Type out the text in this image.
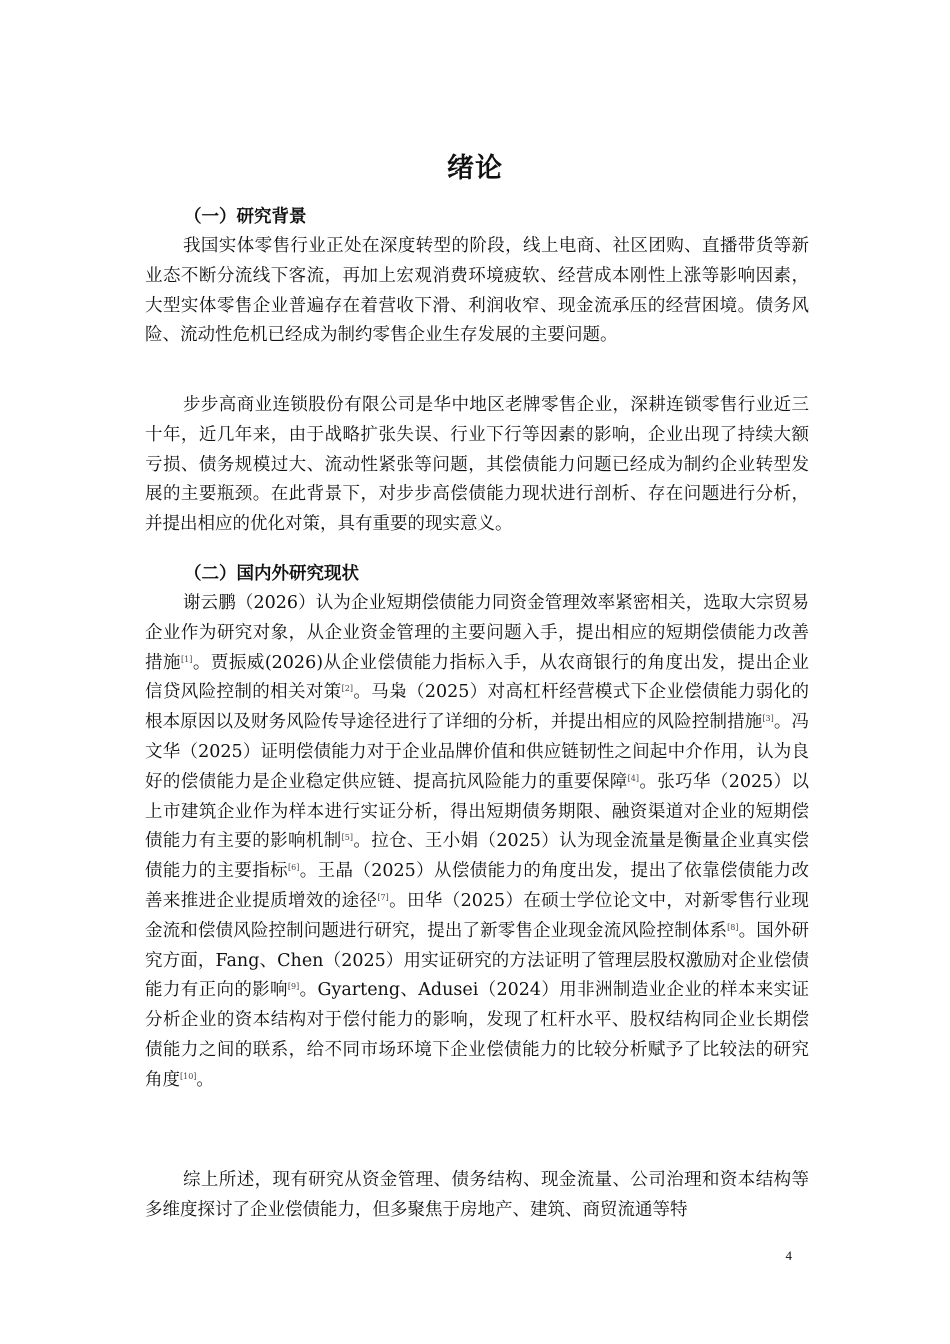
绪论
（一）研究背景

我国实体零售行业正处在深度转型的阶段，线上电商、社区团购、直播带货等新业态不断分流线下客流，再加上宏观消费环境疲软、经营成本刚性上涨等影响因素，大型实体零售企业普遍存在着营收下滑、利润收窄、现金流承压的经营困境。债务风险、流动性危机已经成为制约零售企业生存发展的主要问题。

步步高商业连锁股份有限公司是华中地区老牌零售企业，深耕连锁零售行业近三十年，近几年来，由于战略扩张失误、行业下行等因素的影响，企业出现了持续大额亏损、债务规模过大、流动性紧张等问题，其偿债能力问题已经成为制约企业转型发展的主要瓶颈。在此背景下，对步步高偿债能力现状进行剖析、存在问题进行分析，并提出相应的优化对策，具有重要的现实意义。

（二）国内外研究现状

谢云鹏（2026）认为企业短期偿债能力同资金管理效率紧密相关，选取大宗贸易企业作为研究对象，从企业资金管理的主要问题入手，提出相应的短期偿债能力改善措施[1]。贾振威(2026)从企业偿债能力指标入手，从农商银行的角度出发，提出企业信贷风险控制的相关对策[2]。马枭（2025）对高杠杆经营模式下企业偿债能力弱化的根本原因以及财务风险传导途径进行了详细的分析，并提出相应的风险控制措施[3]。冯文华（2025）证明偿债能力对于企业品牌价值和供应链韧性之间起中介作用，认为良好的偿债能力是企业稳定供应链、提高抗风险能力的重要保障[4]。张巧华（2025）以上市建筑企业作为样本进行实证分析，得出短期债务期限、融资渠道对企业的短期偿债能力有主要的影响机制[5]。拉仓、王小娟（2025）认为现金流量是衡量企业真实偿债能力的主要指标[6]。王晶（2025）从偿债能力的角度出发，提出了依靠偿债能力改善来推进企业提质增效的途径[7]。田华（2025）在硕士学位论文中，对新零售行业现金流和偿债风险控制问题进行研究，提出了新零售企业现金流风险控制体系[8]。国外研究方面，Fang、Chen（2025）用实证研究的方法证明了管理层股权激励对企业偿债能力有正向的影响[9]。Gyarteng、Adusei（2024）用非洲制造业企业的样本来实证分析企业的资本结构对于偿付能力的影响，发现了杠杆水平、股权结构同企业长期偿债能力之间的联系，给不同市场环境下企业偿债能力的比较分析赋予了比较法的研究角度[10]。

综上所述，现有研究从资金管理、债务结构、现金流量、公司治理和资本结构等多维度探讨了企业偿债能力，但多聚焦于房地产、建筑、商贸流通等特

4
